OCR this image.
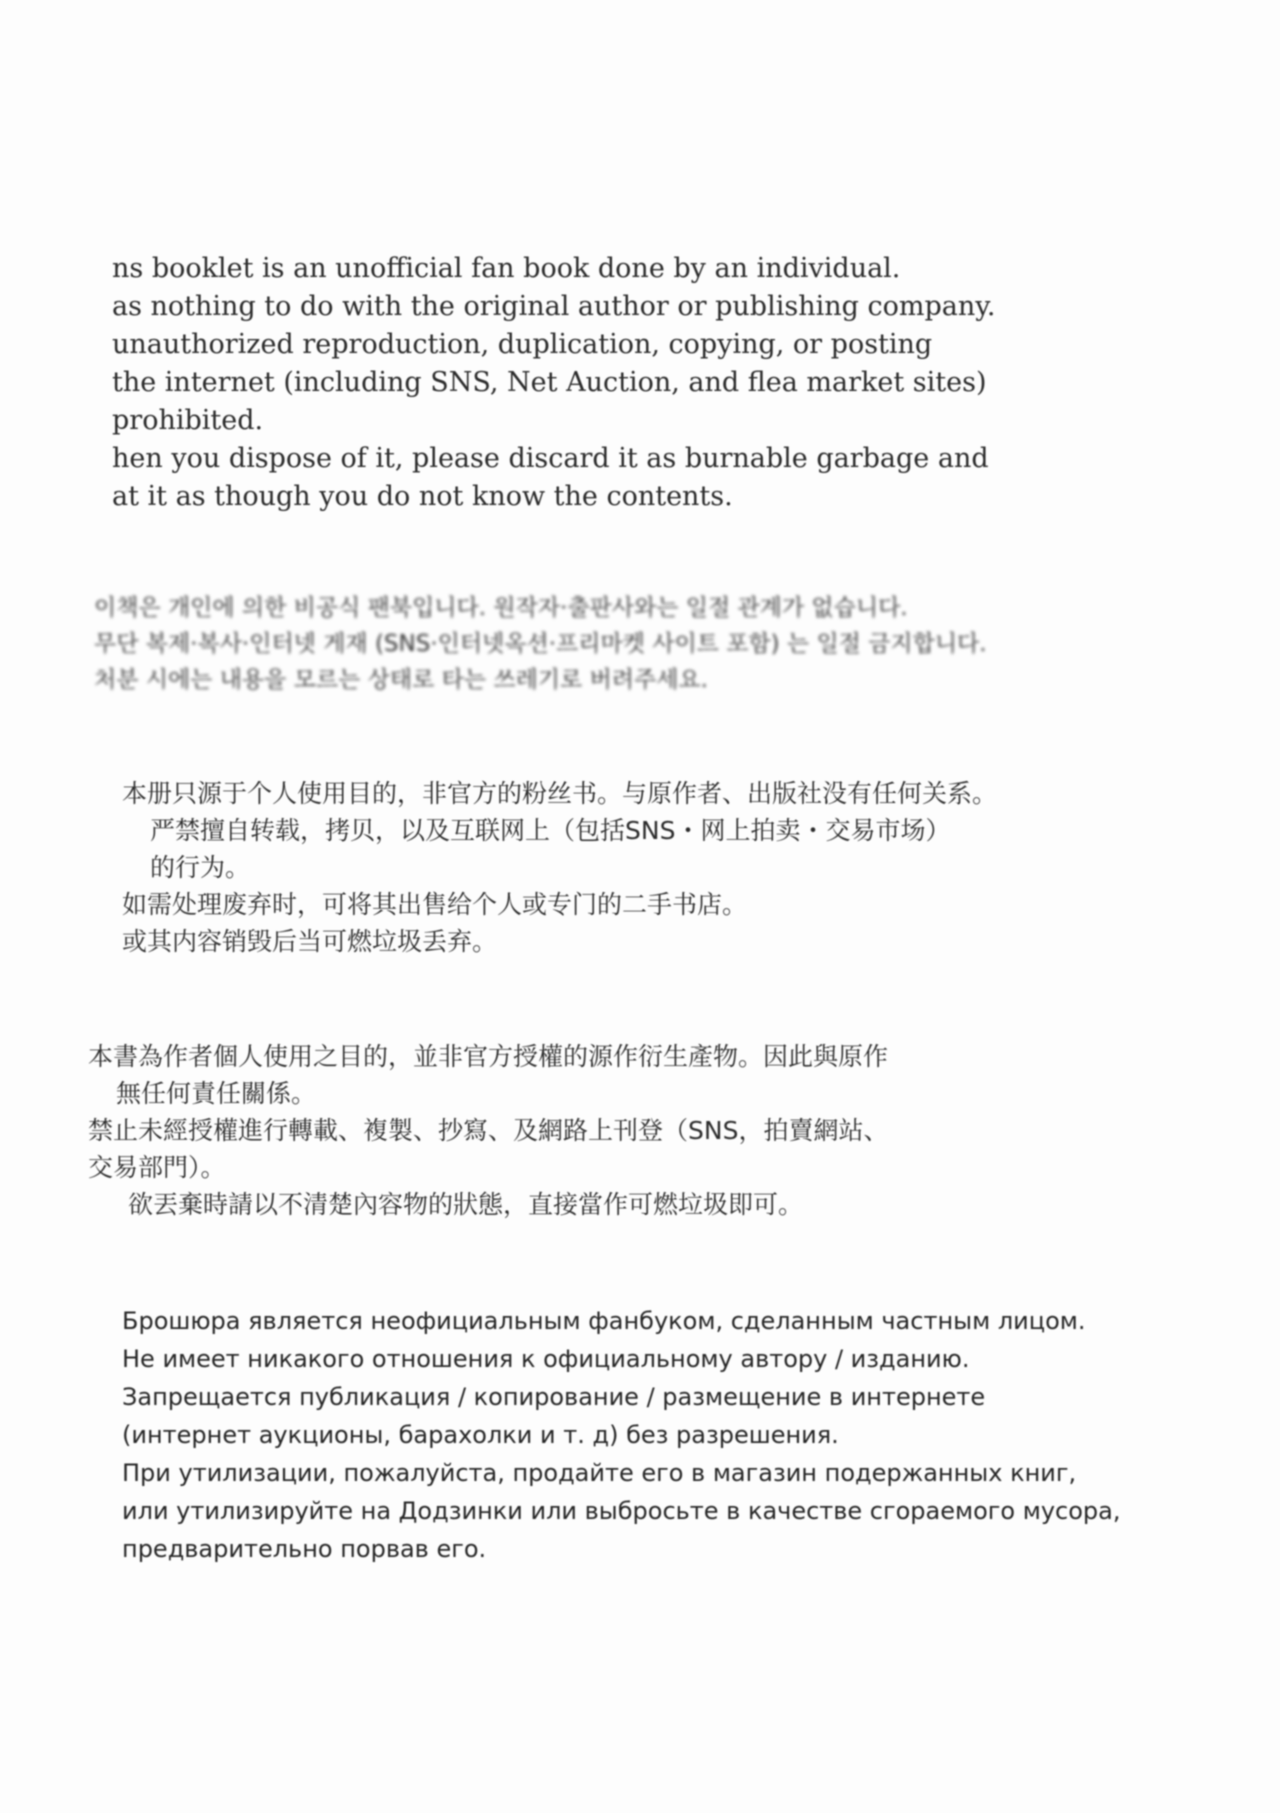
ns booklet is an unofficial fan book done by an individual.
as nothing to do with the original author or publishing company.
unauthorized reproduction, duplication, copying, or posting
the internet (including SNS, Net Auction, and flea market sites)
prohibited.
hen you dispose of it, please discard it as burnable garbage and
at it as though you do not know the contents.
이책은 개인에 의한 비공식 팬북입니다. 원작자·출판사와는 일절 관계가 없습니다.
무단 복제·복사·인터넷 게재 (SNS·인터넷옥션·프리마켓 사이트 포함) 는 일절 금지합니다.
처분 시에는 내용을 모르는 상태로 타는 쓰레기로 버려주세요.
本册只源于个人使用目的，非官方的粉丝书。与原作者、出版社没有任何关系。
严禁擅自转载，拷贝，以及互联网上（包括SNS・网上拍卖・交易市场）
的行为。
如需处理废弃时，可将其出售给个人或专门的二手书店。
或其内容销毁后当可燃垃圾丢弃。
本書為作者個人使用之目的，並非官方授權的源作衍生產物。因此與原作
無任何責任關係。
禁止未經授權進行轉載、複製、抄寫、及網路上刊登（SNS，拍賣網站、
交易部門）。
欲丟棄時請以不清楚內容物的狀態，直接當作可燃垃圾即可。
Брошюра является неофициальным фанбуком, сделанным частным лицом.
Не имеет никакого отношения к официальному автору / изданию.
Запрещается публикация / копирование / размещение в интернете
(интернет аукционы, барахолки и т. д) без разрешения.
При утилизации, пожалуйста, продайте его в магазин подержанных книг,
или утилизируйте на Додзинки или выбросьте в качестве сгораемого мусора,
предварительно порвав его.
